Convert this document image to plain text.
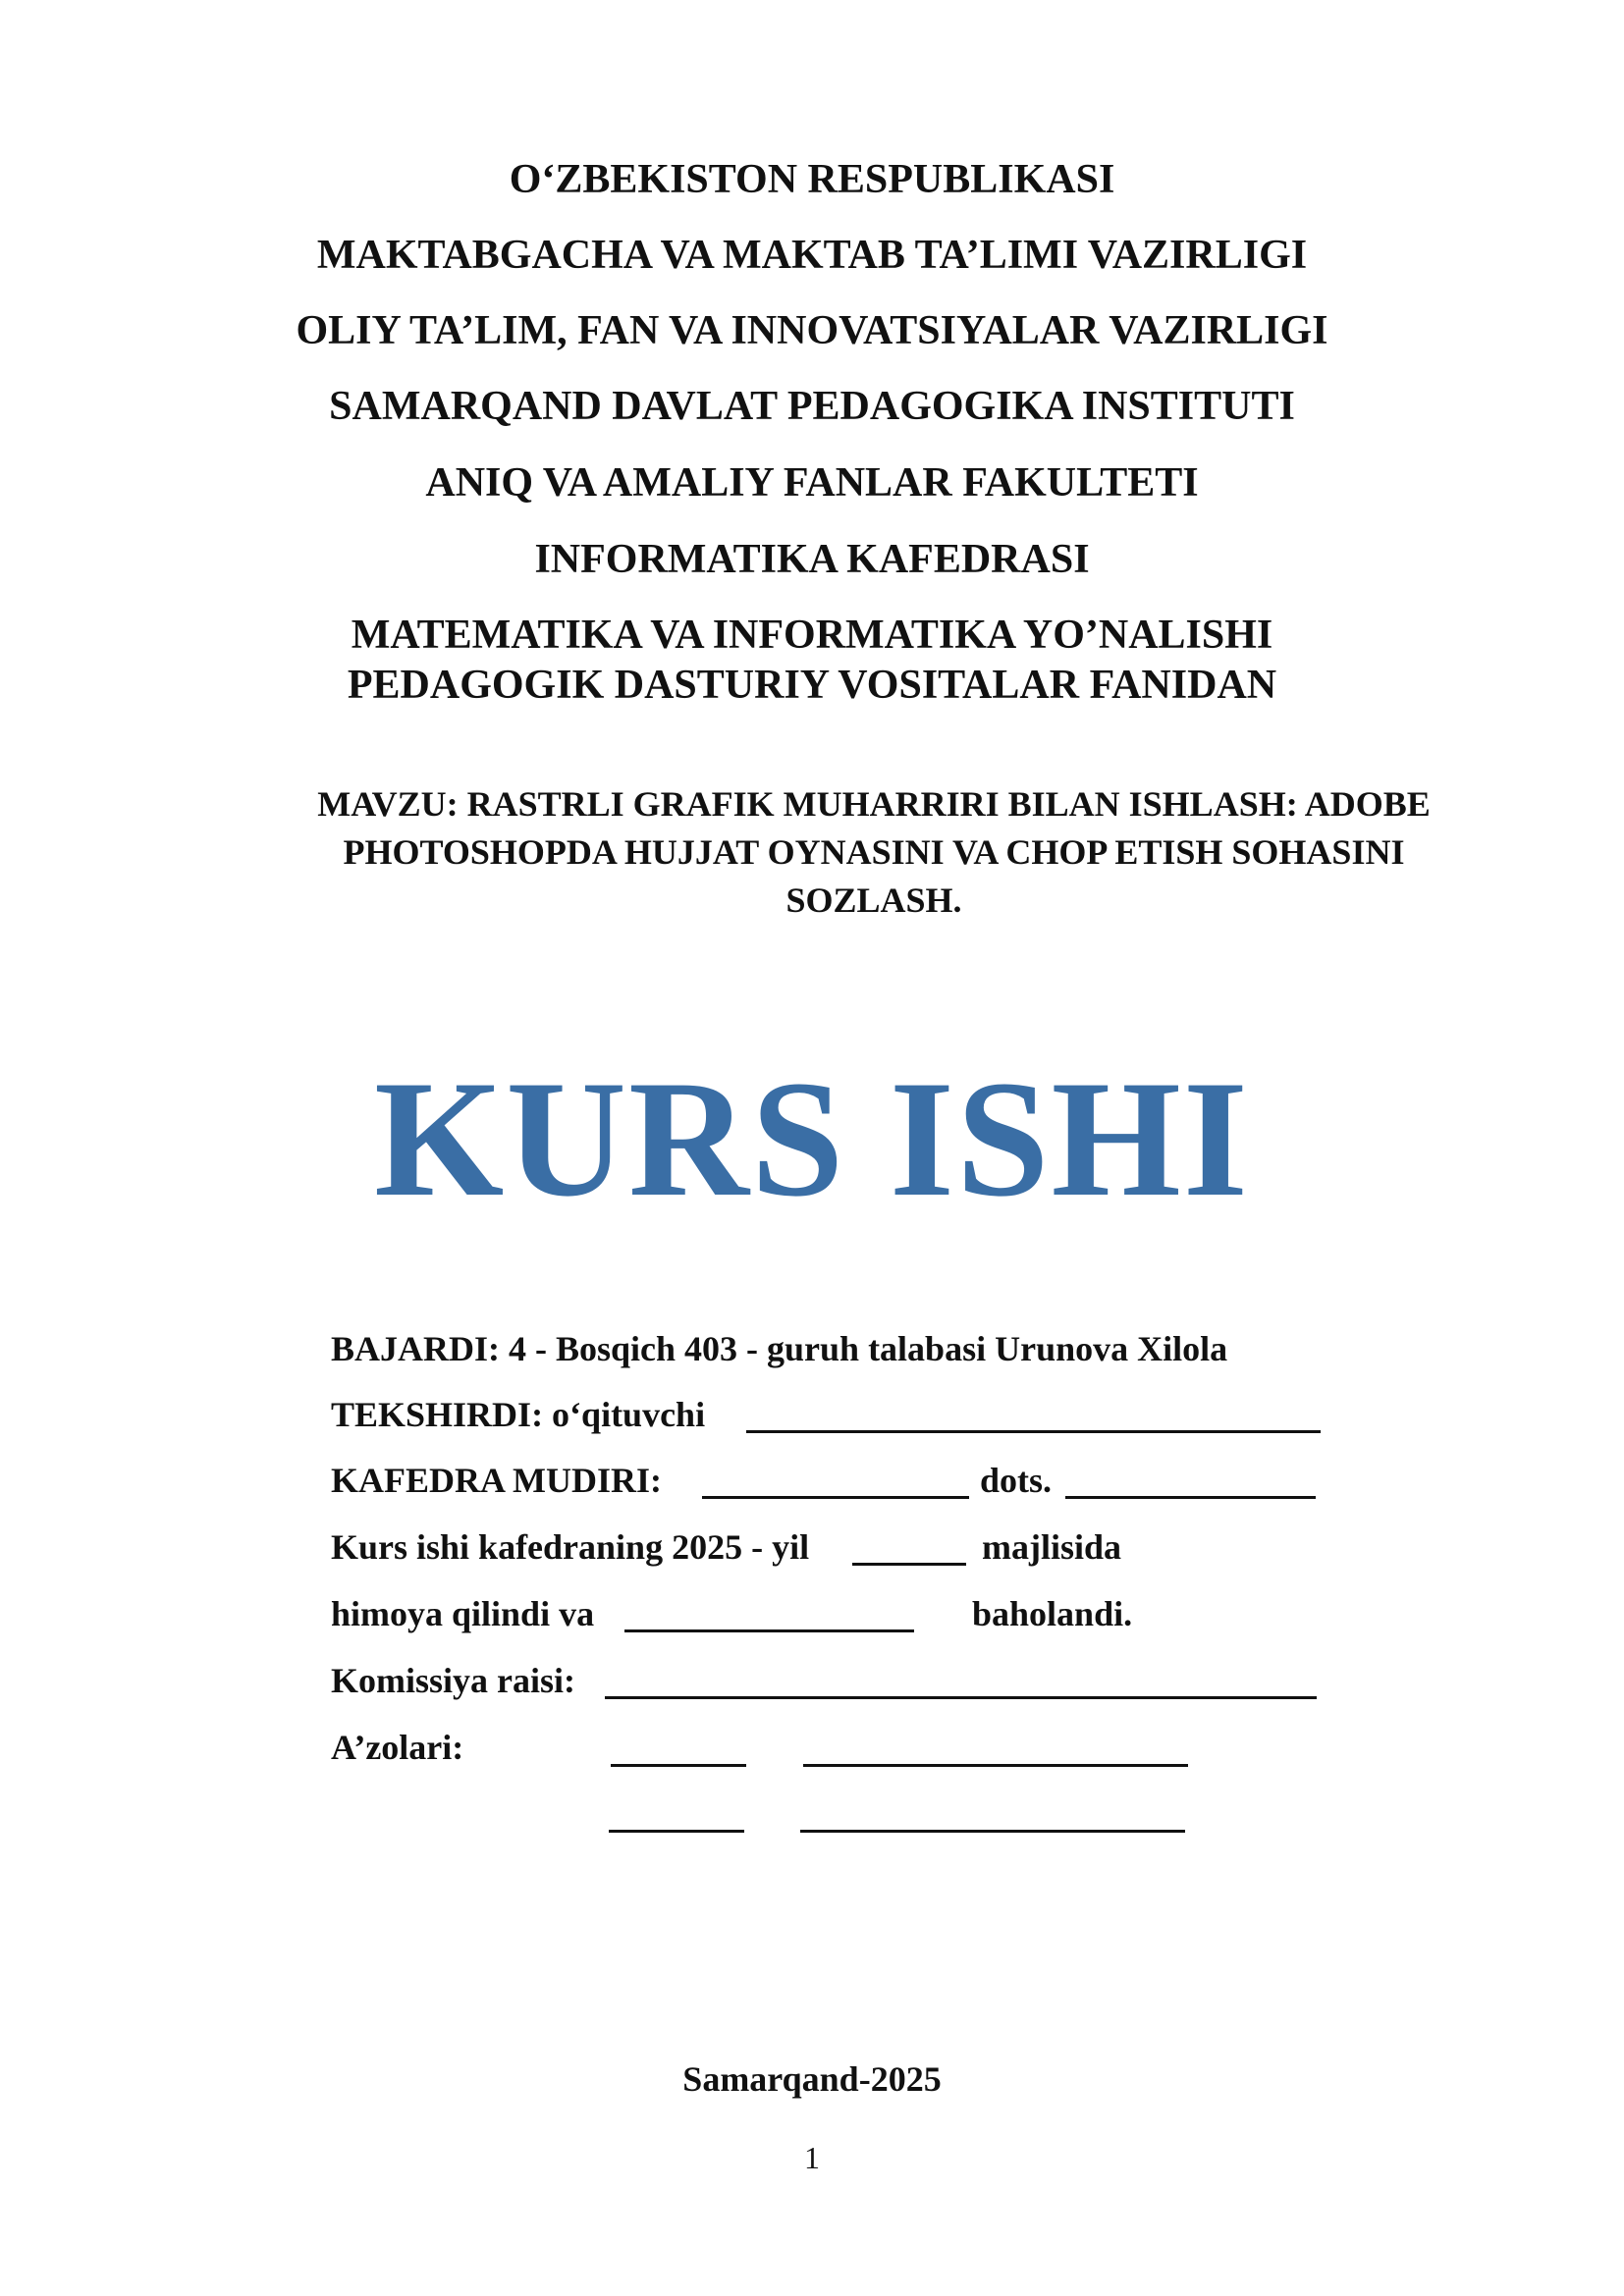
O‘ZBEKISTON RESPUBLIKASI
MAKTABGACHA VA MAKTAB TA’LIMI VAZIRLIGI
OLIY TA’LIM, FAN VA INNOVATSIYALAR VAZIRLIGI
SAMARQAND DAVLAT PEDAGOGIKA INSTITUTI
ANIQ VA AMALIY FANLAR FAKULTETI
INFORMATIKA KAFEDRASI
MATEMATIKA VA INFORMATIKA YO’NALISHI
PEDAGOGIK DASTURIY VOSITALAR FANIDAN
MAVZU: RASTRLI GRAFIK MUHARRIRI BILAN ISHLASH: ADOBE
PHOTOSHOPDA HUJJAT OYNASINI VA CHOP ETISH SOHASINI
SOZLASH.
KURS ISHI
BAJARDI: 4 - Bosqich 403 - guruh talabasi Urunova Xilola
TEKSHIRDI: o‘qituvchi
KAFEDRA MUDIRI:	dots.
Kurs ishi kafedraning 2025 - yil	majlisida
himoya qilindi va	baholandi.
Komissiya raisi:
A’zolari:
Samarqand-2025
1
